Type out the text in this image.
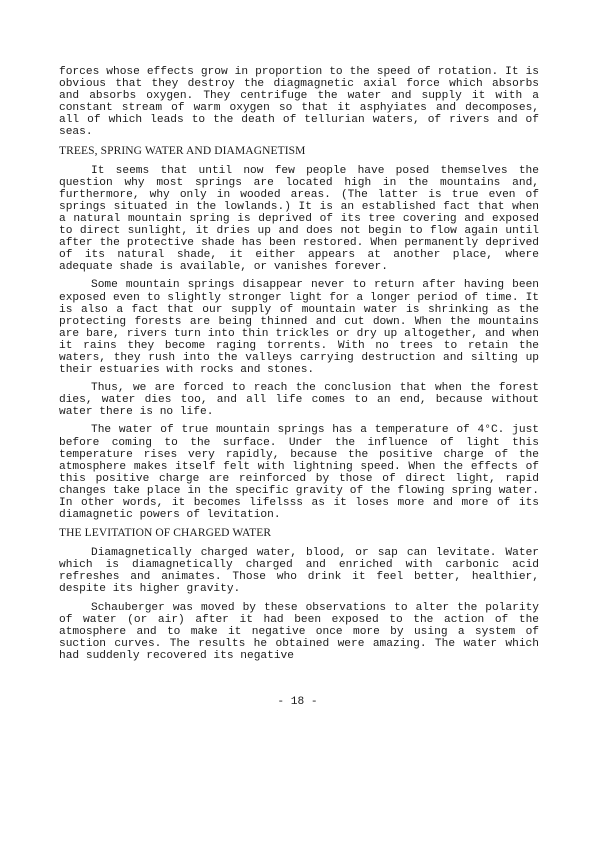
forces whose effects grow in proportion to the speed of rotation. It is obvious that they destroy the diagmagnetic axial force which absorbs and absorbs oxygen. They centrifuge the water and supply it with a constant stream of warm oxygen so that it asphyiates and decomposes, all of which leads to the death of tellurian waters, of rivers and of seas.

TREES, SPRING WATER AND DIAMAGNETISM

It seems that until now few people have posed themselves the question why most springs are located high in the mountains and, furthermore, why only in wooded areas. (The latter is true even of springs situated in the lowlands.) It is an established fact that when a natural mountain spring is deprived of its tree covering and exposed to direct sunlight, it dries up and does not begin to flow again until after the protective shade has been restored. When permanently deprived of its natural shade, it either appears at another place, where adequate shade is available, or vanishes forever.

Some mountain springs disappear never to return after having been exposed even to slightly stronger light for a longer period of time. It is also a fact that our supply of mountain water is shrinking as the protecting forests are being thinned and cut down. When the mountains are bare, rivers turn into thin trickles or dry up altogether, and when it rains they become raging torrents. With no trees to retain the waters, they rush into the valleys carrying destruction and silting up their estuaries with rocks and stones.

Thus, we are forced to reach the conclusion that when the forest dies, water dies too, and all life comes to an end, because without water there is no life.

The water of true mountain springs has a temperature of 4°C. just before coming to the surface. Under the influence of light this temperature rises very rapidly, because the positive charge of the atmosphere makes itself felt with lightning speed. When the effects of this positive charge are reinforced by those of direct light, rapid changes take place in the specific gravity of the flowing spring water. In other words, it becomes lifelsss as it loses more and more of its diamagnetic powers of levitation.

THE LEVITATION OF CHARGED WATER

Diamagnetically charged water, blood, or sap can levitate. Water which is diamagnetically charged and enriched with carbonic acid refreshes and animates. Those who drink it feel better, healthier, despite its higher gravity.

Schauberger was moved by these observations to alter the polarity of water (or air) after it had been exposed to the action of the atmosphere and to make it negative once more by using a system of suction curves. The results he obtained were amazing. The water which had suddenly recovered its negative

- 18 -
